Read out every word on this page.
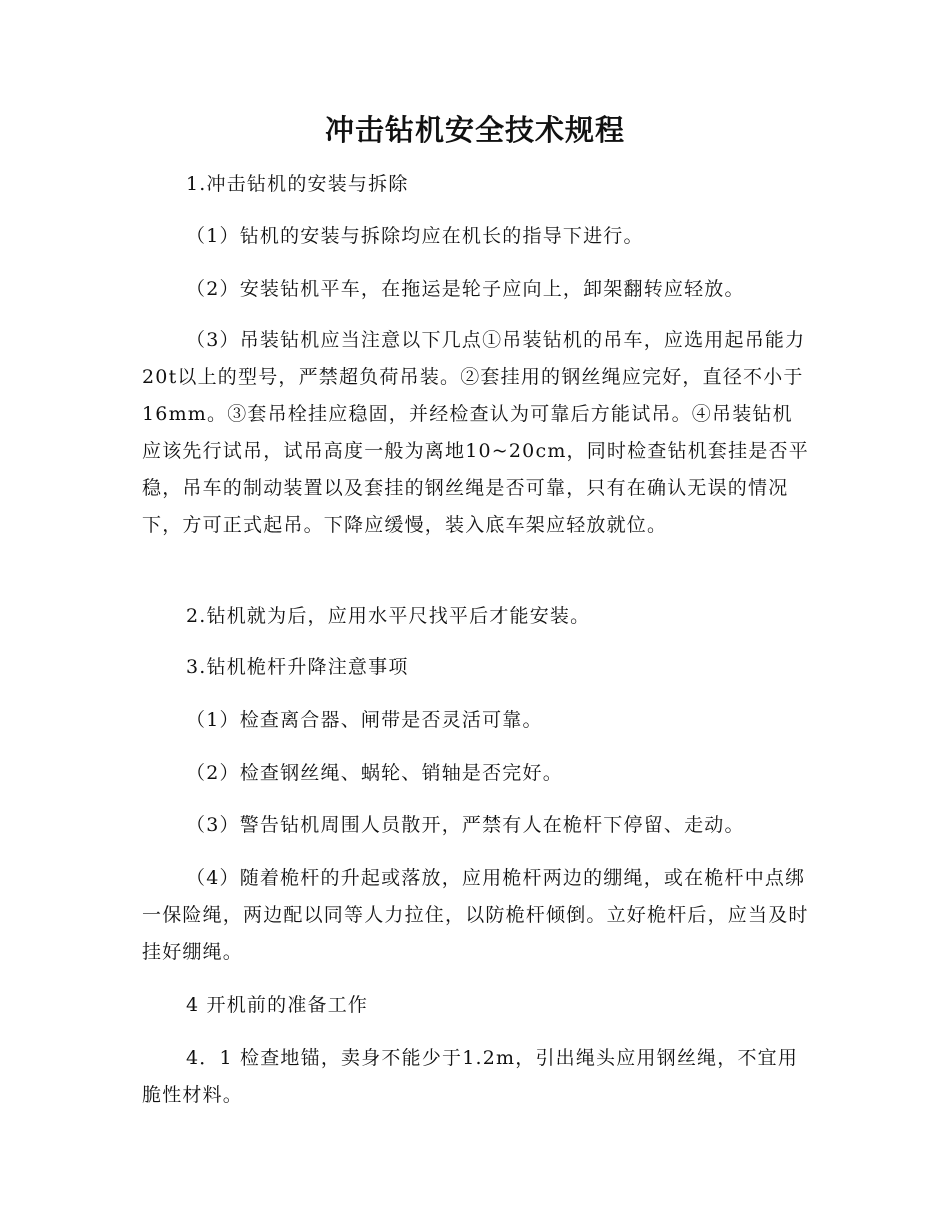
冲击钻机安全技术规程

1.冲击钻机的安装与拆除

（1）钻机的安装与拆除均应在机长的指导下进行。

（2）安装钻机平车，在拖运是轮子应向上，卸架翻转应轻放。

（3）吊装钻机应当注意以下几点①吊装钻机的吊车，应选用起吊能力20t以上的型号，严禁超负荷吊装。②套挂用的钢丝绳应完好，直径不小于16mm。③套吊栓挂应稳固，并经检查认为可靠后方能试吊。④吊装钻机应该先行试吊，试吊高度一般为离地10~20cm，同时检查钻机套挂是否平稳，吊车的制动装置以及套挂的钢丝绳是否可靠，只有在确认无误的情况下，方可正式起吊。下降应缓慢，装入底车架应轻放就位。

2.钻机就为后，应用水平尺找平后才能安装。

3.钻机桅杆升降注意事项

（1）检查离合器、闸带是否灵活可靠。

（2）检查钢丝绳、蜗轮、销轴是否完好。

（3）警告钻机周围人员散开，严禁有人在桅杆下停留、走动。

（4）随着桅杆的升起或落放，应用桅杆两边的绷绳，或在桅杆中点绑一保险绳，两边配以同等人力拉住，以防桅杆倾倒。立好桅杆后，应当及时挂好绷绳。

4 开机前的准备工作

4．1 检查地锚，卖身不能少于1.2m，引出绳头应用钢丝绳，不宜用脆性材料。
